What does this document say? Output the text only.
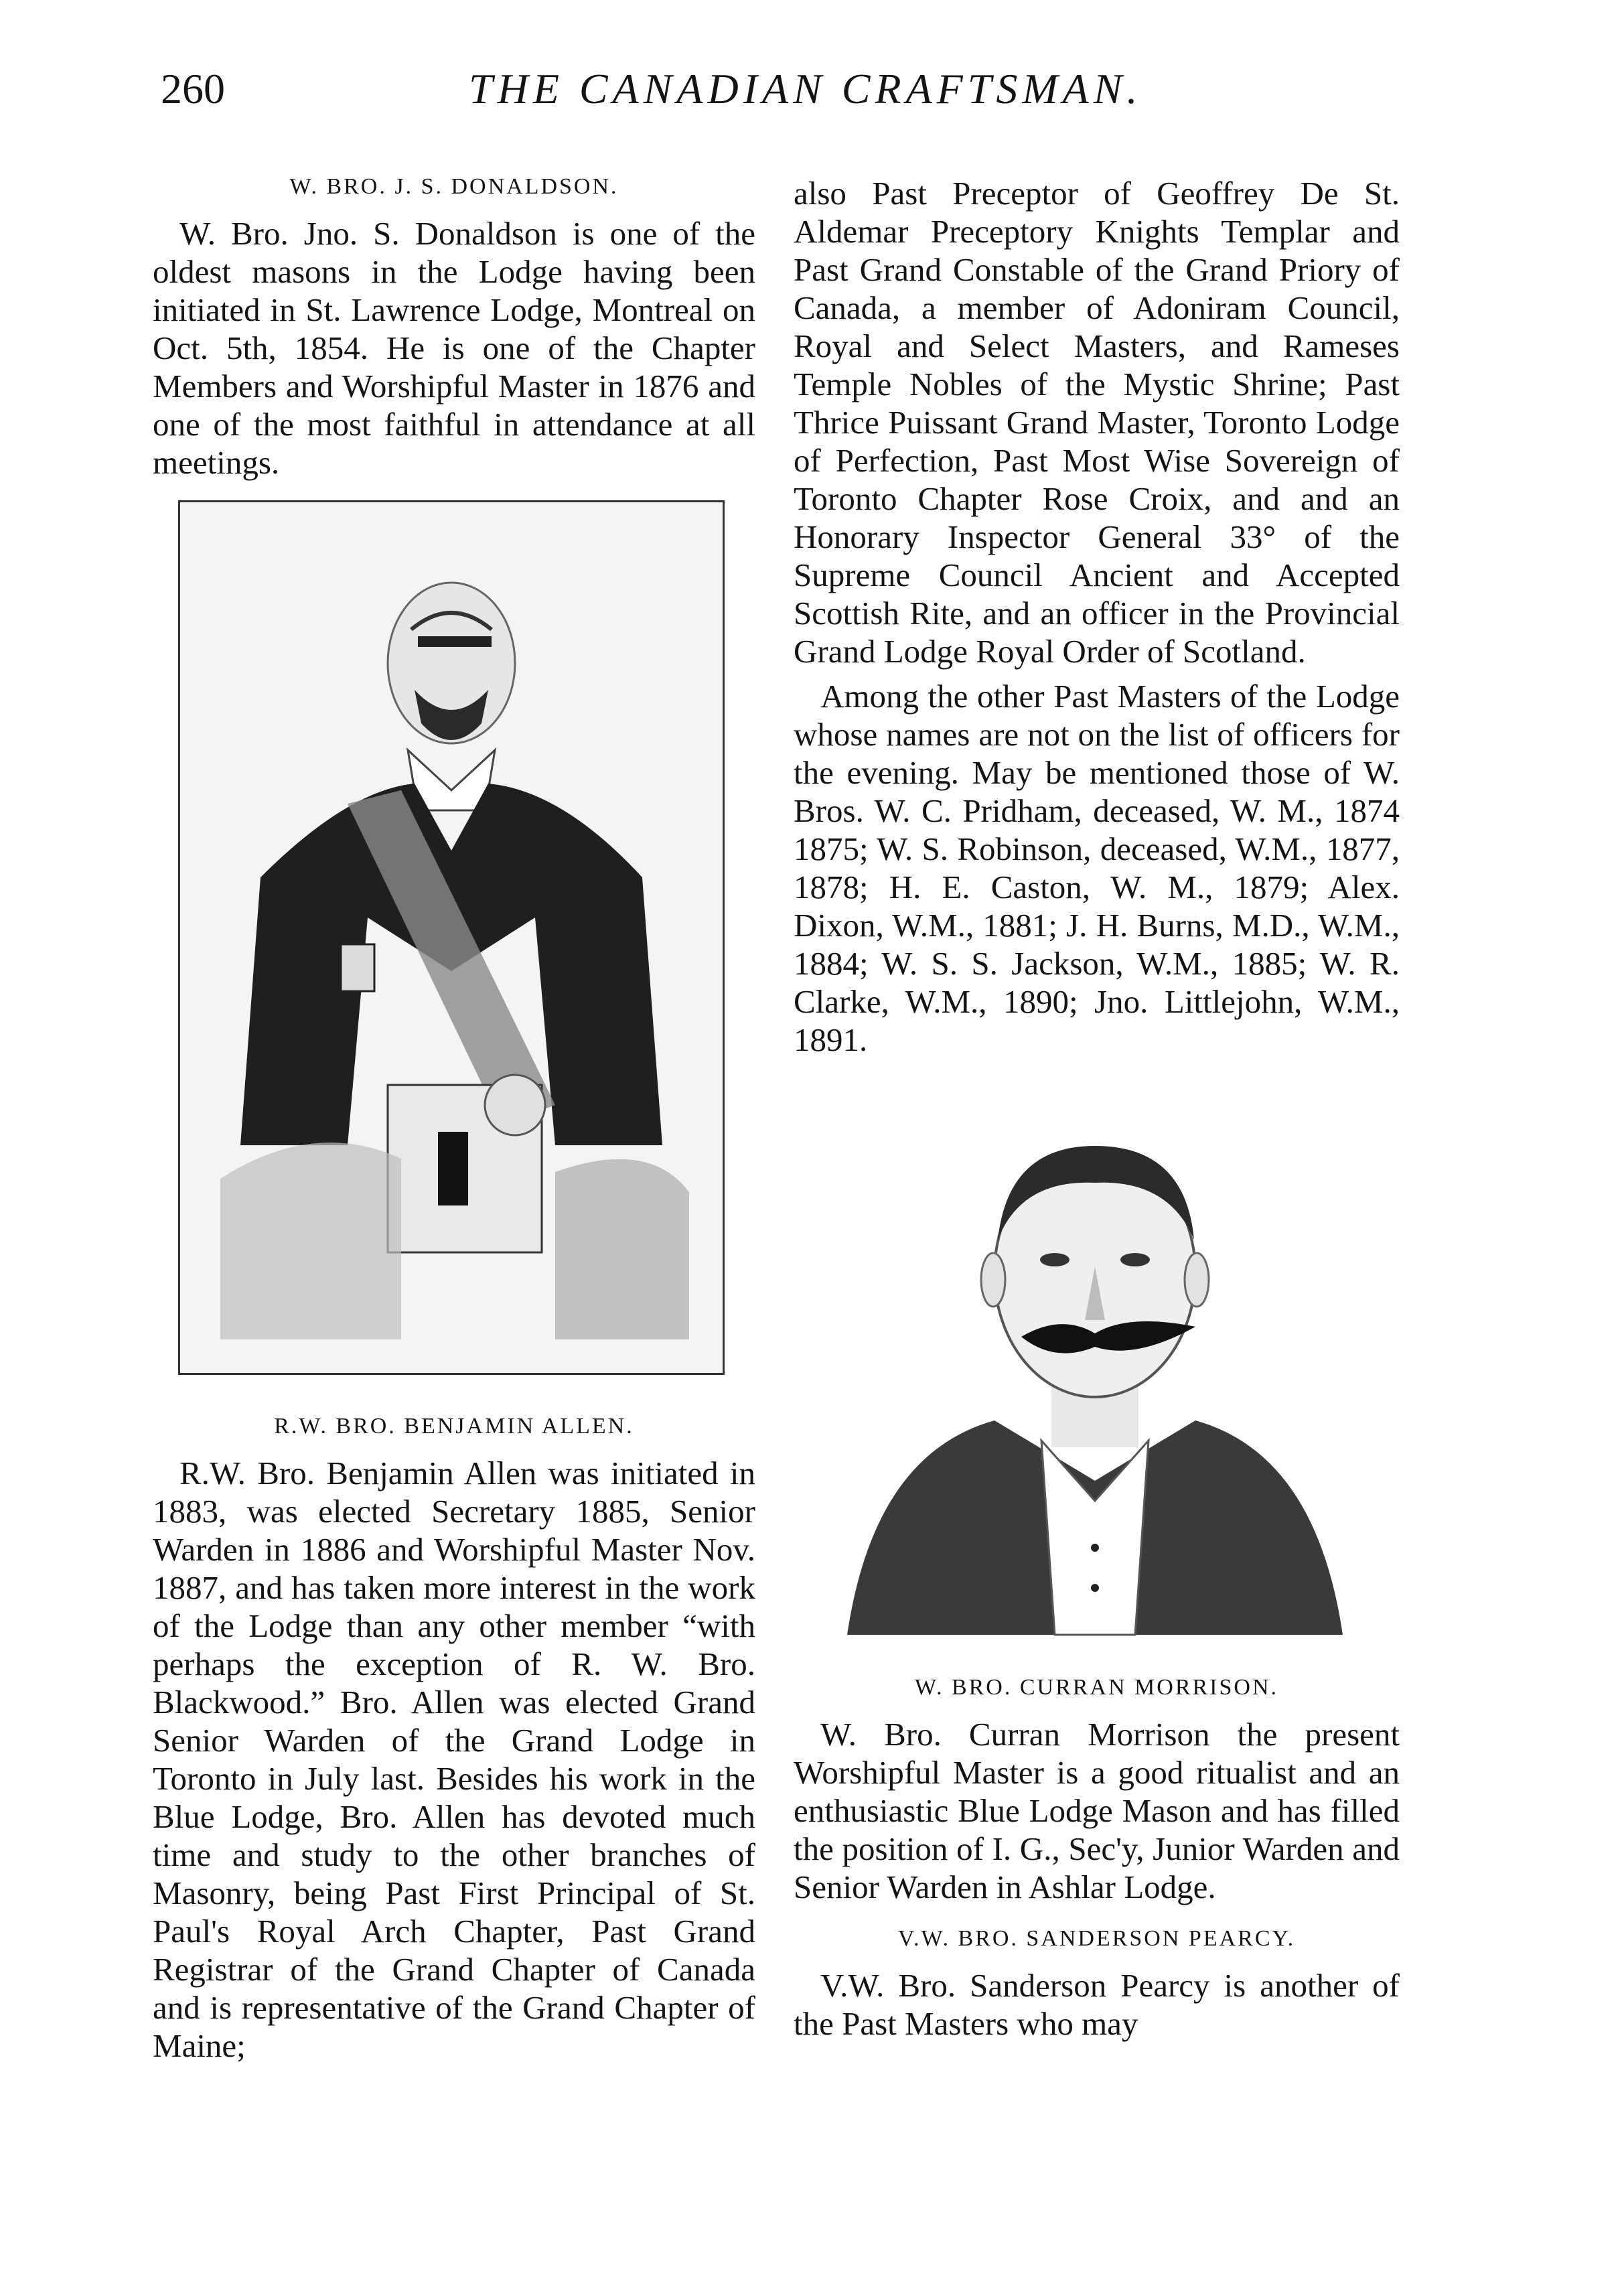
260	THE CANADIAN CRAFTSMAN.
W. BRO. J. S. DONALDSON.

W. Bro. Jno. S. Donaldson is one of the oldest masons in the Lodge having been initiated in St. Lawrence Lodge, Montreal on Oct. 5th, 1854. He is one of the Chapter Members and Worshipful Master in 1876 and one of the most faithful in attendance at all meetings.

R.W. BRO. BENJAMIN ALLEN.

R.W. Bro. Benjamin Allen was initiated in 1883, was elected Secretary 1885, Senior Warden in 1886 and Worshipful Master Nov. 1887, and has taken more interest in the work of the Lodge than any other member “with perhaps the exception of R. W. Bro. Blackwood.” Bro. Allen was elected Grand Senior Warden of the Grand Lodge in Toronto in July last. Besides his work in the Blue Lodge, Bro. Allen has devoted much time and study to the other branches of Masonry, being Past First Principal of St. Paul's Royal Arch Chapter, Past Grand Registrar of the Grand Chapter of Canada and is representative of the Grand Chapter of Maine;

also Past Preceptor of Geoffrey De St. Aldemar Preceptory Knights Templar and Past Grand Constable of the Grand Priory of Canada, a member of Adoniram Council, Royal and Select Masters, and Rameses Temple Nobles of the Mystic Shrine; Past Thrice Puissant Grand Master, Toronto Lodge of Perfection, Past Most Wise Sovereign of Toronto Chapter Rose Croix, and and an Honorary Inspector General 33° of the Supreme Council Ancient and Accepted Scottish Rite, and an officer in the Provincial Grand Lodge Royal Order of Scotland.

Among the other Past Masters of the Lodge whose names are not on the list of officers for the evening. May be mentioned those of W. Bros. W. C. Pridham, deceased, W. M., 1874 1875; W. S. Robinson, deceased, W.M., 1877, 1878; H. E. Caston, W. M., 1879; Alex. Dixon, W.M., 1881; J. H. Burns, M.D., W.M., 1884; W. S. S. Jackson, W.M., 1885; W. R. Clarke, W.M., 1890; Jno. Littlejohn, W.M., 1891.

W. BRO. CURRAN MORRISON.

W. Bro. Curran Morrison the present Worshipful Master is a good ritualist and an enthusiastic Blue Lodge Mason and has filled the position of I. G., Sec'y, Junior Warden and Senior Warden in Ashlar Lodge.

V.W. BRO. SANDERSON PEARCY.

V.W. Bro. Sanderson Pearcy is another of the Past Masters who may
